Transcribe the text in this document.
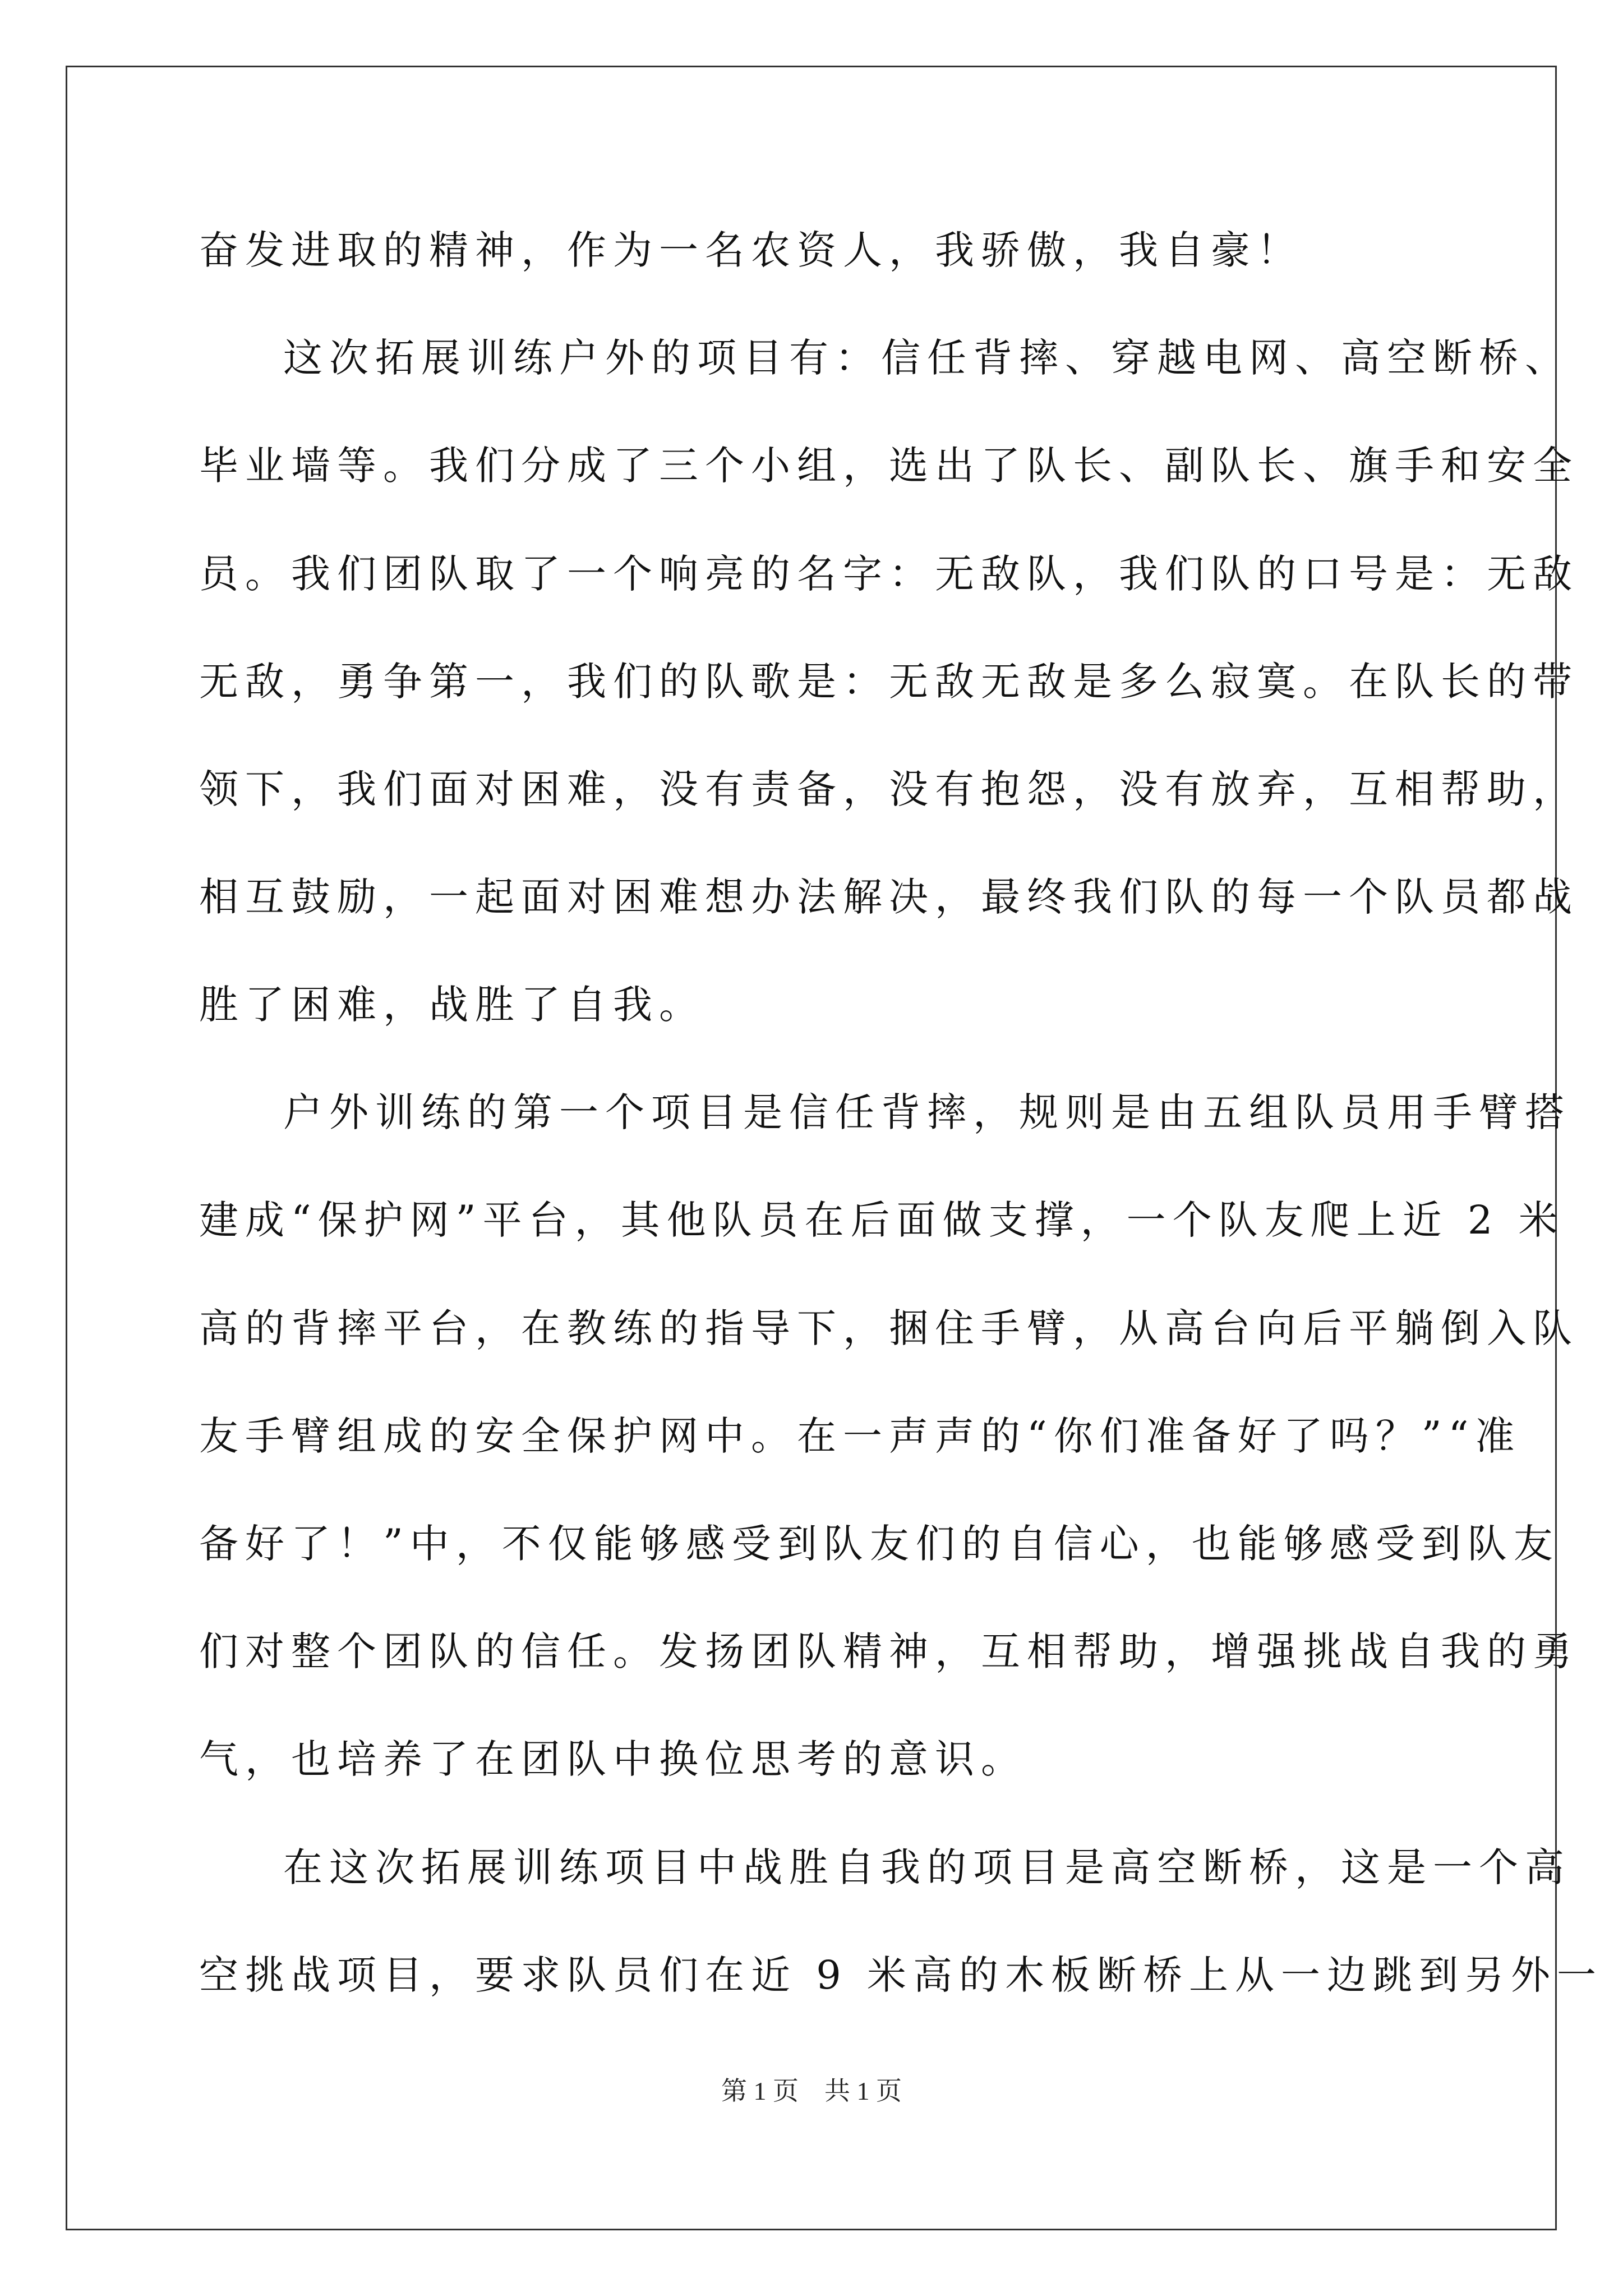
奋发进取的精神，作为一名农资人，我骄傲，我自豪！
这次拓展训练户外的项目有：信任背摔、穿越电网、高空断桥、
毕业墙等。我们分成了三个小组，选出了队长、副队长、旗手和安全
员。我们团队取了一个响亮的名字：无敌队，我们队的口号是：无敌
无敌，勇争第一，我们的队歌是：无敌无敌是多么寂寞。在队长的带
领下，我们面对困难，没有责备，没有抱怨，没有放弃，互相帮助，
相互鼓励，一起面对困难想办法解决，最终我们队的每一个队员都战
胜了困难，战胜了自我。
户外训练的第一个项目是信任背摔，规则是由五组队员用手臂搭
建成“保护网”平台，其他队员在后面做支撑，一个队友爬上近 2 米
高的背摔平台，在教练的指导下，捆住手臂，从高台向后平躺倒入队
友手臂组成的安全保护网中。在一声声的“你们准备好了吗？”“准
备好了！”中，不仅能够感受到队友们的自信心，也能够感受到队友
们对整个团队的信任。发扬团队精神，互相帮助，增强挑战自我的勇
气，也培养了在团队中换位思考的意识。
在这次拓展训练项目中战胜自我的项目是高空断桥，这是一个高
空挑战项目，要求队员们在近 9 米高的木板断桥上从一边跳到另外一
第 1 页　共 1 页
